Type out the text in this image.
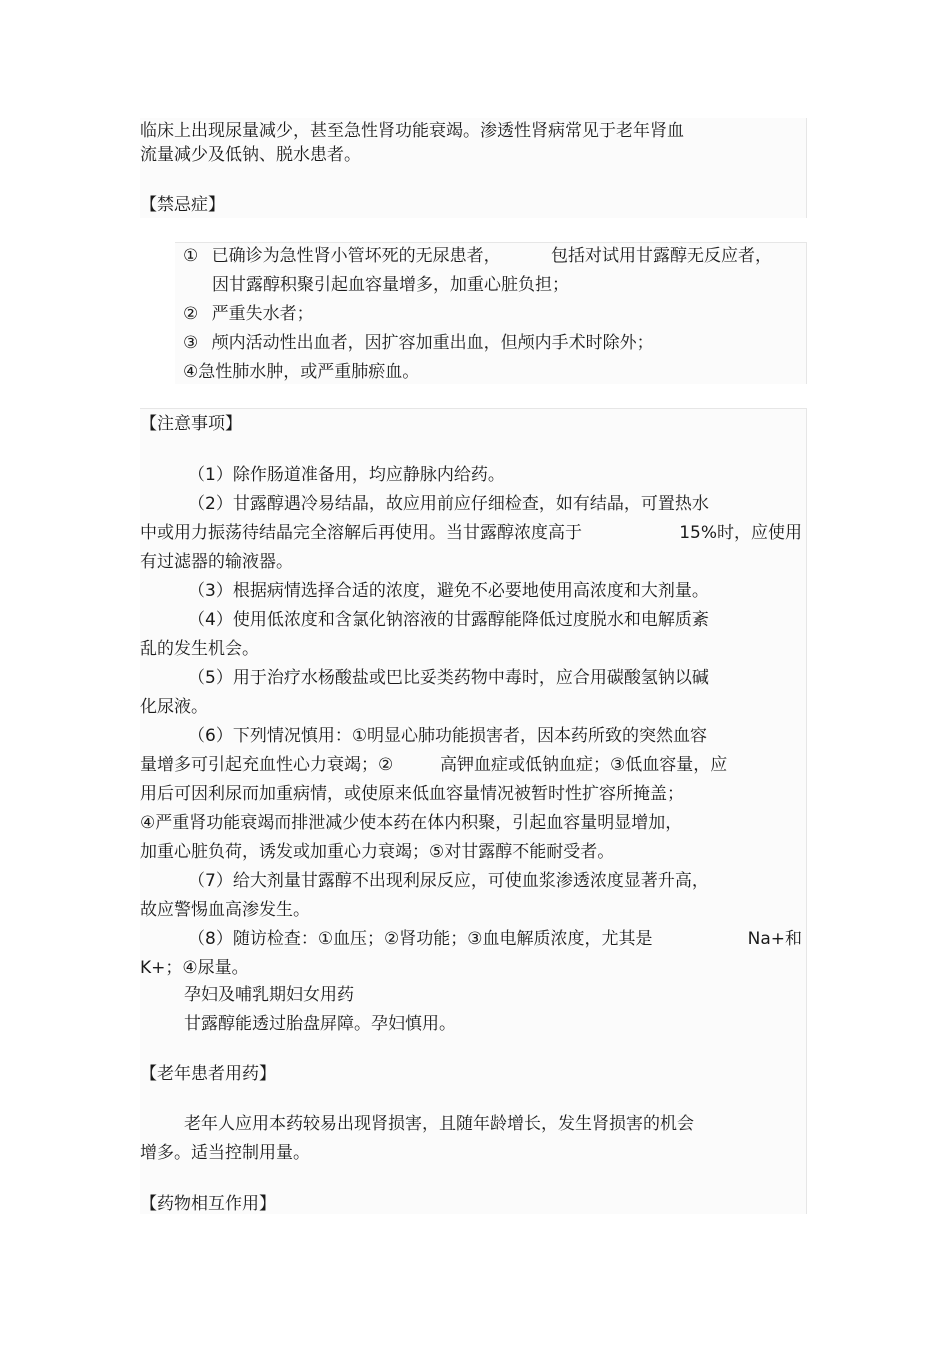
临床上出现尿量减少，甚至急性肾功能衰竭。渗透性肾病常见于老年肾血
流量减少及低钠、脱水患者。
【禁忌症】
① 已确诊为急性肾小管坏死的无尿患者，	包括对试用甘露醇无反应者，
因甘露醇积聚引起血容量增多，加重心脏负担；
② 严重失水者；
③ 颅内活动性出血者，因扩容加重出血，但颅内手术时除外；
④急性肺水肿，或严重肺瘀血。
【注意事项】
（1）除作肠道准备用，均应静脉内给药。
（2）甘露醇遇冷易结晶，故应用前应仔细检查，如有结晶，可置热水
中或用力振荡待结晶完全溶解后再使用。当甘露醇浓度高于	15%时，应使用
有过滤器的输液器。
（3）根据病情选择合适的浓度，避免不必要地使用高浓度和大剂量。
（4）使用低浓度和含氯化钠溶液的甘露醇能降低过度脱水和电解质紊
乱的发生机会。
（5）用于治疗水杨酸盐或巴比妥类药物中毒时，应合用碳酸氢钠以碱
化尿液。
（6）下列情况慎用：①明显心肺功能损害者，因本药所致的突然血容
量增多可引起充血性心力衰竭；②	高钾血症或低钠血症；③低血容量，应
用后可因利尿而加重病情，或使原来低血容量情况被暂时性扩容所掩盖；
④严重肾功能衰竭而排泄减少使本药在体内积聚，引起血容量明显增加，
加重心脏负荷，诱发或加重心力衰竭；⑤对甘露醇不能耐受者。
（7）给大剂量甘露醇不出现利尿反应，可使血浆渗透浓度显著升高，
故应警惕血高渗发生。
（8）随访检查：①血压；②肾功能；③血电解质浓度，尤其是	Na+和
K+；④尿量。
孕妇及哺乳期妇女用药
甘露醇能透过胎盘屏障。孕妇慎用。
【老年患者用药】
老年人应用本药较易出现肾损害，且随年龄增长，发生肾损害的机会
增多。适当控制用量。
【药物相互作用】
